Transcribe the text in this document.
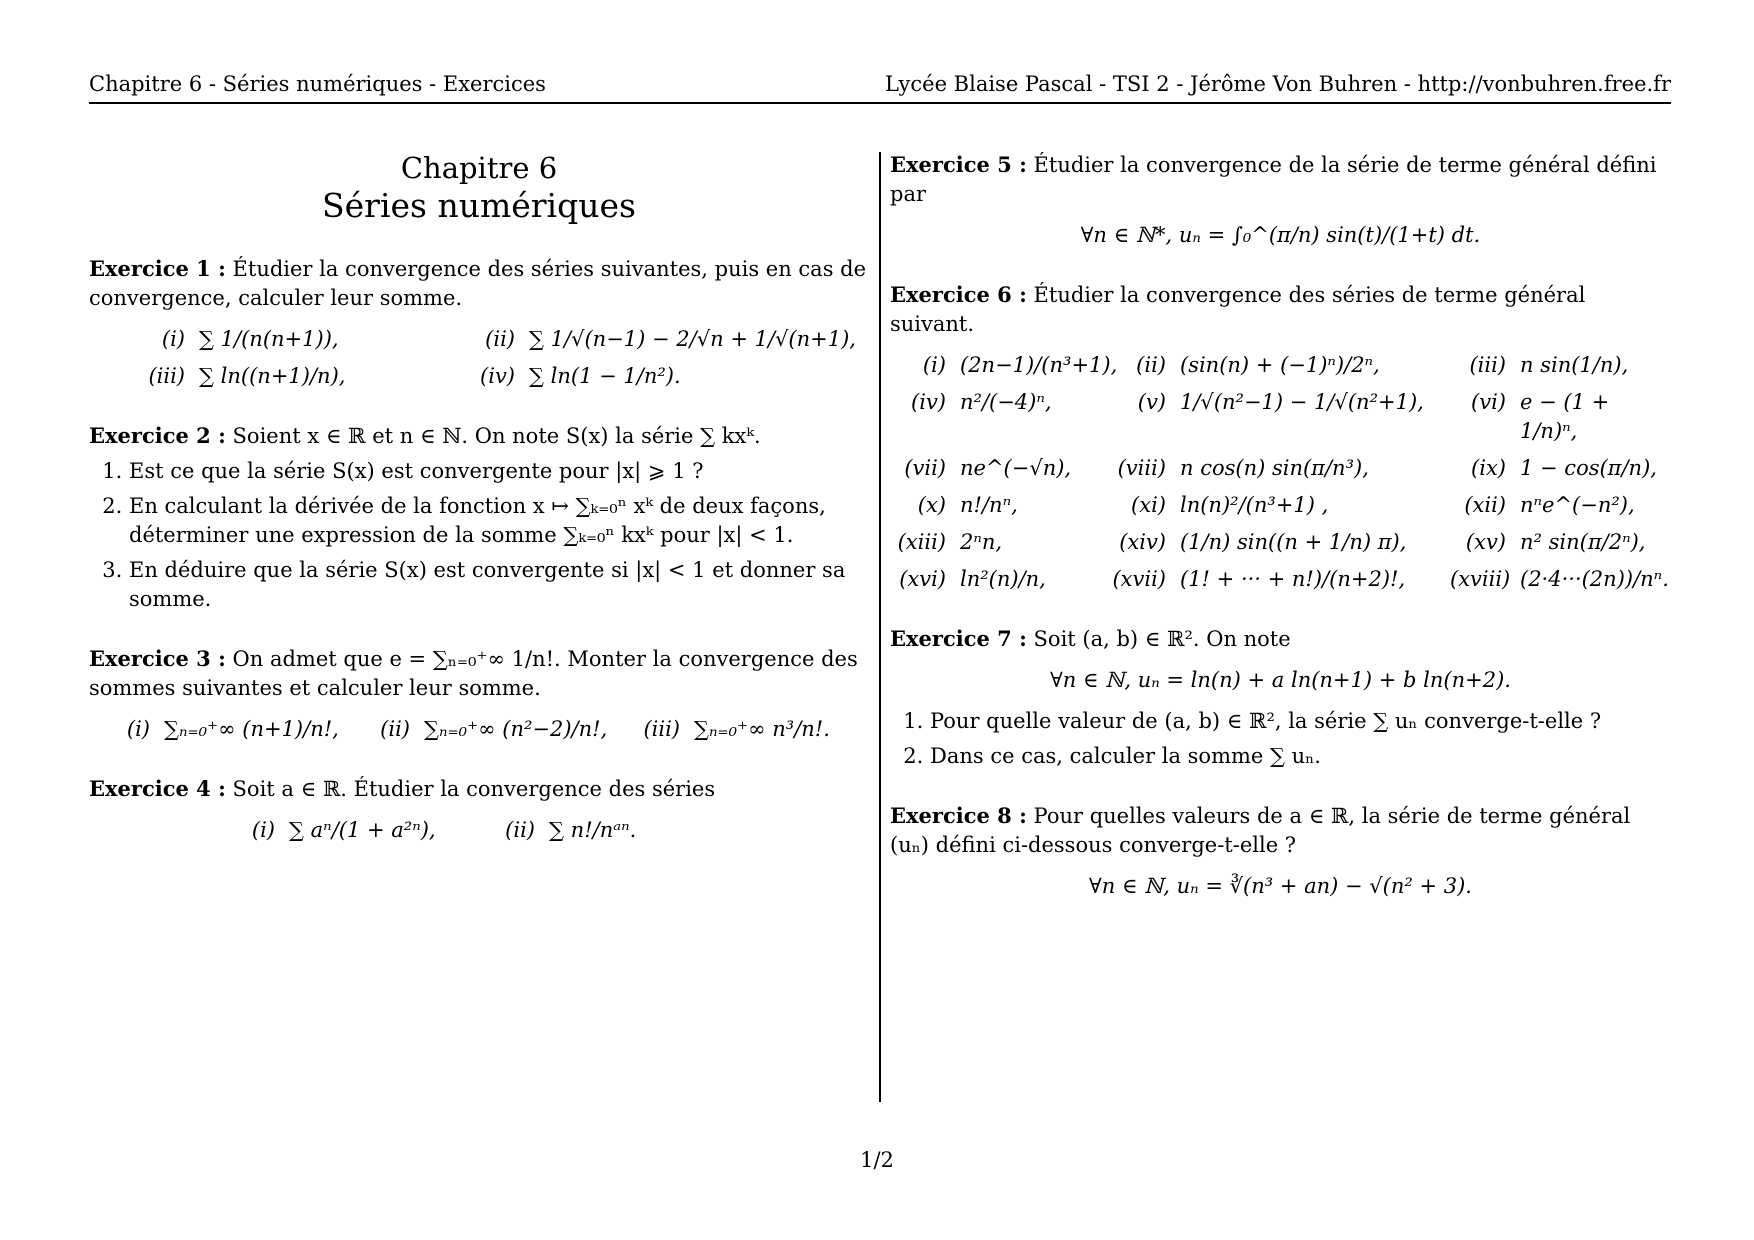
Chapitre 6 - Séries numériques - Exercices	Lycée Blaise Pascal - TSI 2 - Jérôme Von Buhren - http://vonbuhren.free.fr
Chapitre 6
Séries numériques
Exercice 1 : Étudier la convergence des séries suivantes, puis en cas de convergence, calculer leur somme.
(i) ∑ 1/(n(n+1)),	(ii) ∑ 1/√(n−1) − 2/√n + 1/√(n+1),
(iii) ∑ ln((n+1)/n),	(iv) ∑ ln(1 − 1/n²).
Exercice 2 : Soient x ∈ ℝ et n ∈ ℕ. On note S(x) la série ∑ kxᵏ.
1. Est ce que la série S(x) est convergente pour |x| ⩾ 1 ?
2. En calculant la dérivée de la fonction x ↦ ∑ₖ₌₀ⁿ xᵏ de deux façons, déterminer une expression de la somme ∑ₖ₌₀ⁿ kxᵏ pour |x| < 1.
3. En déduire que la série S(x) est convergente si |x| < 1 et donner sa somme.
Exercice 3 : On admet que e = ∑ₙ₌₀⁺∞ 1/n!. Monter la convergence des sommes suivantes et calculer leur somme.
(i) ∑ₙ₌₀⁺∞ (n+1)/n!,	(ii) ∑ₙ₌₀⁺∞ (n²−2)/n!,	(iii) ∑ₙ₌₀⁺∞ n³/n!.
Exercice 4 : Soit a ∈ ℝ. Étudier la convergence des séries
(i) ∑ aⁿ/(1 + a²ⁿ),	(ii) ∑ n!/nᵃⁿ.
Exercice 5 : Étudier la convergence de la série de terme général défini par
∀n ∈ ℕ*, uₙ = ∫₀^(π/n) sin(t)/(1+t) dt.
Exercice 6 : Étudier la convergence des séries de terme général suivant.
(i) (2n−1)/(n³+1), (ii) (sin(n) + (−1)ⁿ)/2ⁿ,	(iii) n sin(1/n),
(iv) n²/(−4)ⁿ,	(v) 1/√(n²−1) − 1/√(n²+1),	(vi) e − (1 + 1/n)ⁿ,
(vii) ne^(−√n),	(viii) n cos(n) sin(π/n³),	(ix) 1 − cos(π/n),
(x) n!/nⁿ,	(xi) ln(n)²/(n³+1) ,	(xii) nⁿe^(−n²),
(xiii) 2ⁿn,	(xiv) (1/n) sin((n + 1/n) π),	(xv) n² sin(π/2ⁿ),
(xvi) ln²(n)/n,	(xvii) (1! + ··· + n!)/(n+2)!,	(xviii) (2·4···(2n))/nⁿ.
Exercice 7 : Soit (a, b) ∈ ℝ². On note
∀n ∈ ℕ, uₙ = ln(n) + a ln(n+1) + b ln(n+2).
1. Pour quelle valeur de (a, b) ∈ ℝ², la série ∑ uₙ converge-t-elle ?
2. Dans ce cas, calculer la somme ∑ uₙ.
Exercice 8 : Pour quelles valeurs de a ∈ ℝ, la série de terme général (uₙ) défini ci-dessous converge-t-elle ?
∀n ∈ ℕ, uₙ = ∛(n³ + an) − √(n² + 3).
1/2
